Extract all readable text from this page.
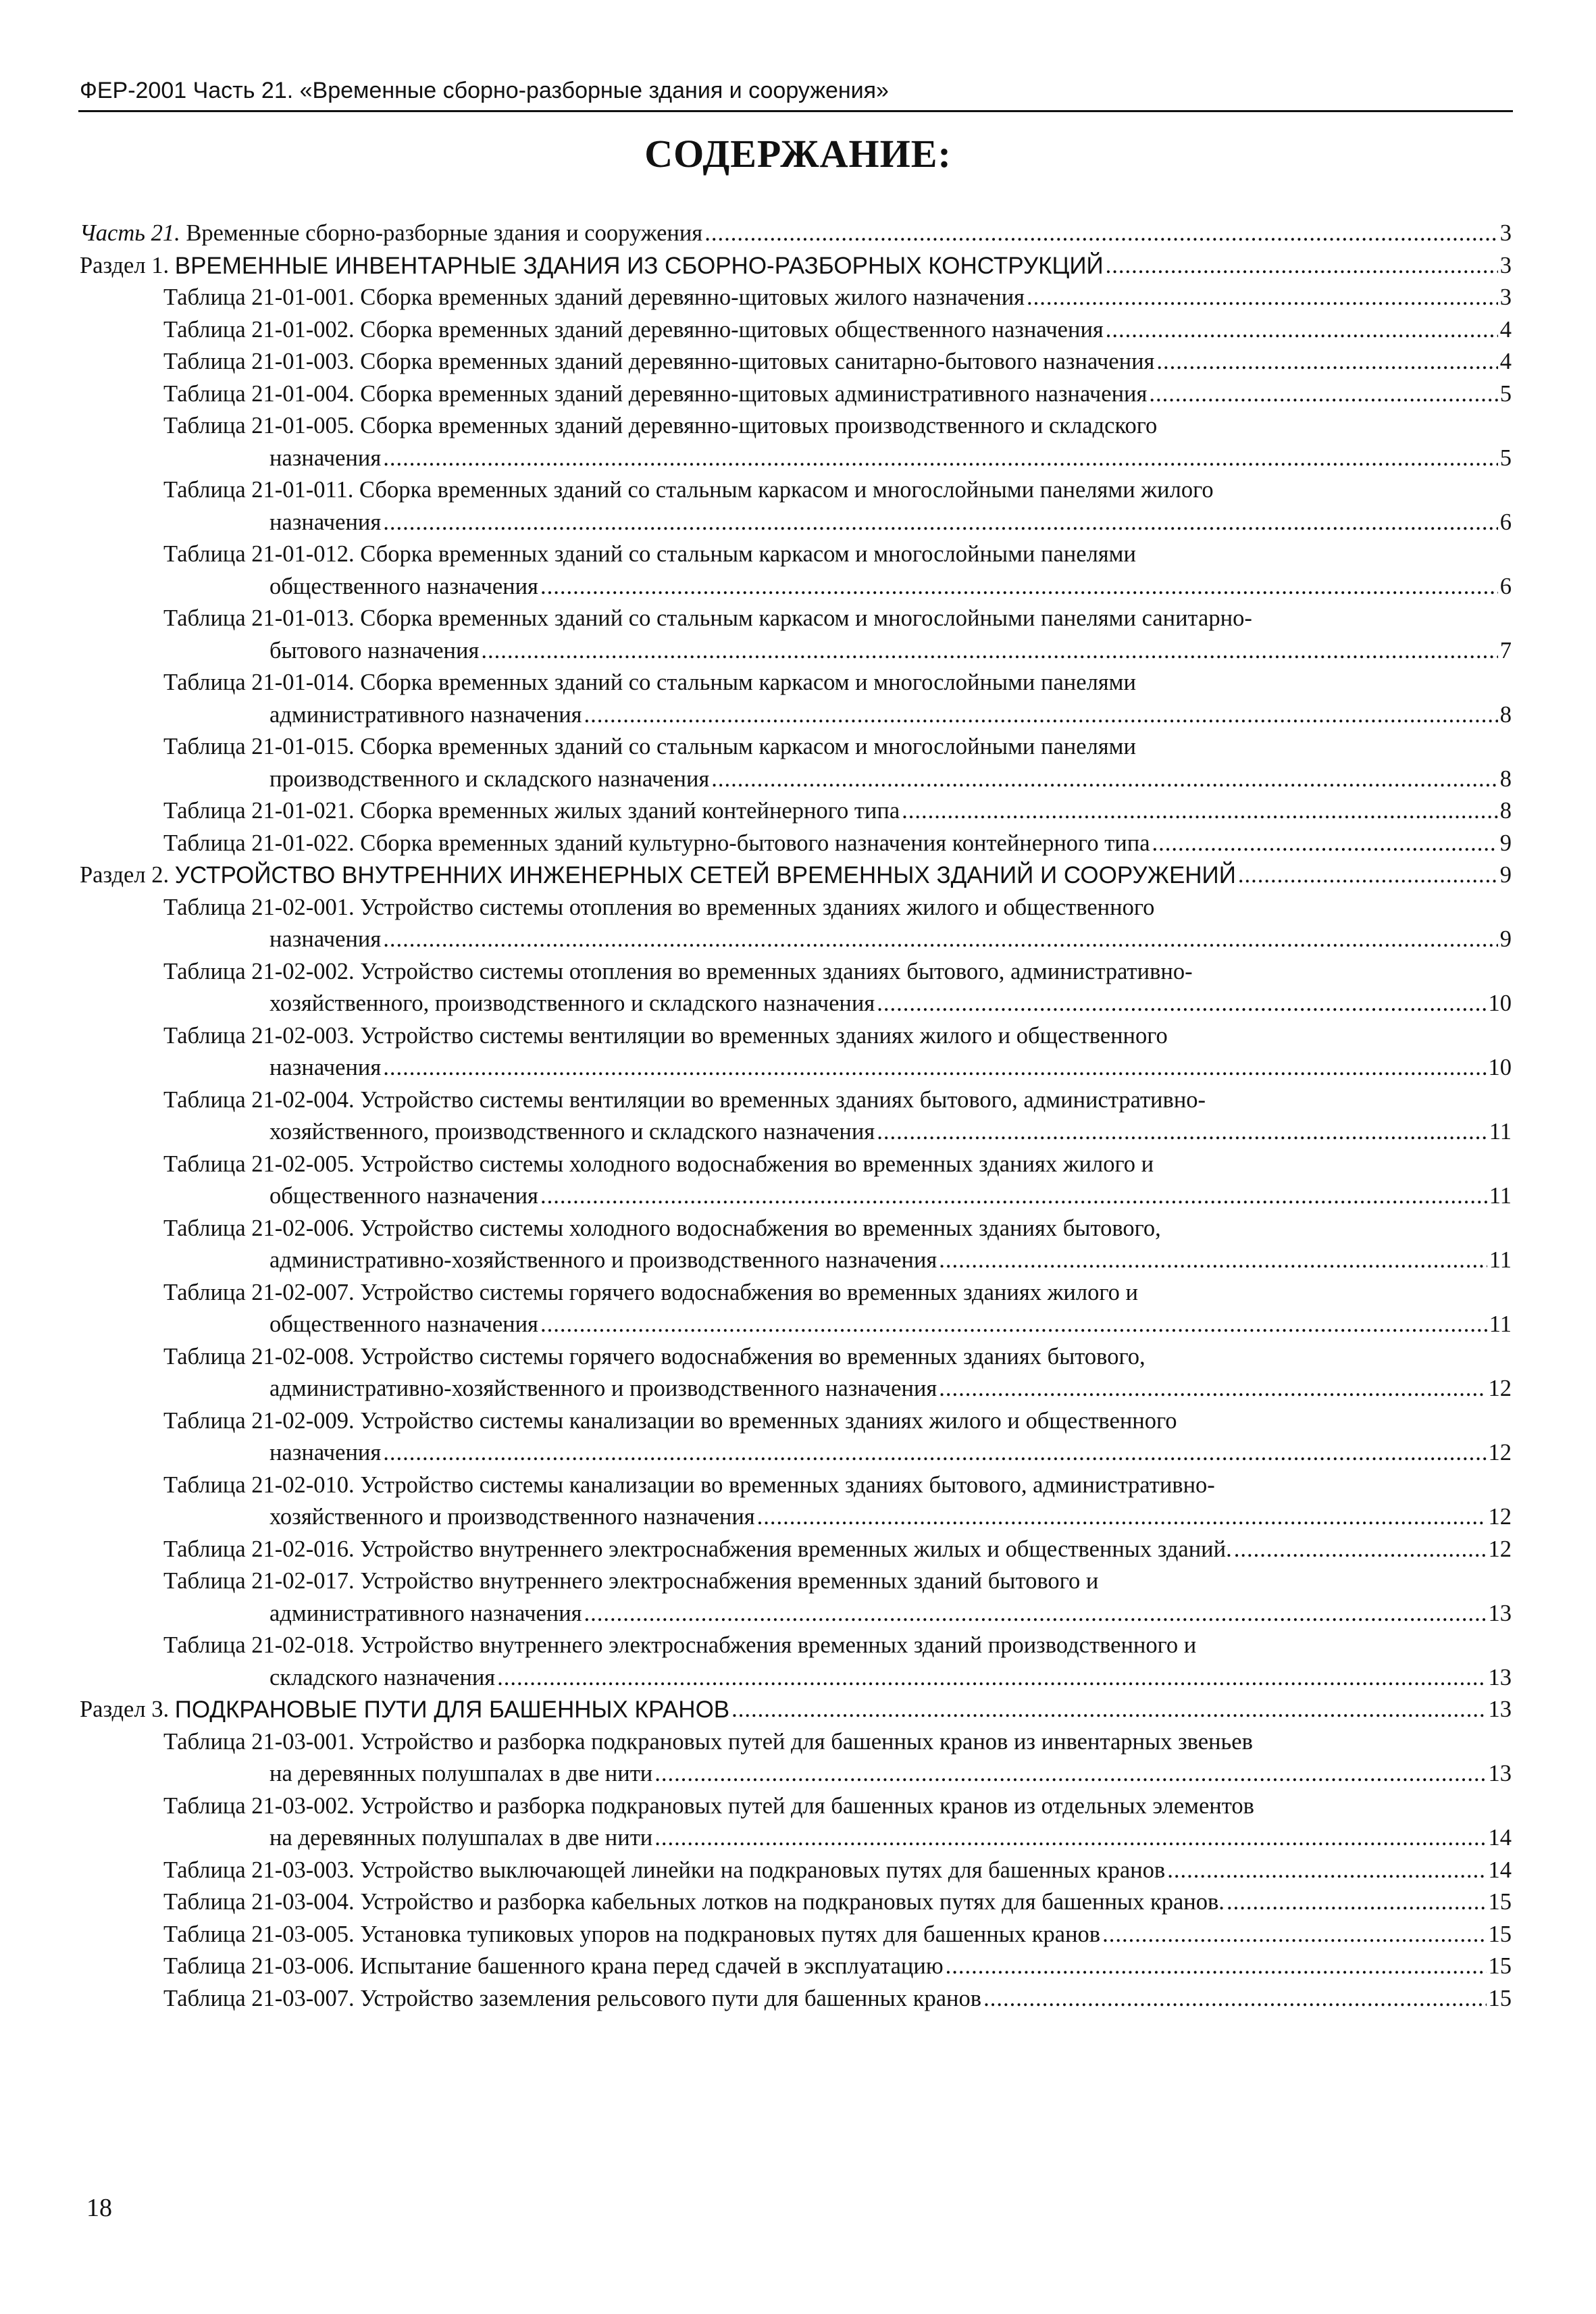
ФЕР-2001 Часть 21. «Временные сборно-разборные здания и сооружения»
СОДЕРЖАНИЕ:
Часть 21.
Временные сборно-разборные здания и сооружения .....	3
Раздел 1.
ВРЕМЕННЫЕ ИНВЕНТАРНЫЕ ЗДАНИЯ ИЗ СБОРНО-РАЗБОРНЫХ КОНСТРУКЦИЙ .....	3
Таблица 21-01-001. Сборка временных зданий деревянно-щитовых жилого назначения .....	3
Таблица 21-01-002. Сборка временных зданий деревянно-щитовых общественного назначения .....	4
Таблица 21-01-003. Сборка временных зданий деревянно-щитовых санитарно-бытового назначения .....	4
Таблица 21-01-004. Сборка временных зданий деревянно-щитовых административного назначения .....	5
Таблица 21-01-005. Сборка временных зданий деревянно-щитовых производственного и складского
назначения .....	5
Таблица 21-01-011. Сборка временных зданий со стальным каркасом и многослойными панелями жилого
назначения .....	6
Таблица 21-01-012. Сборка временных зданий со стальным каркасом и многослойными панелями
общественного назначения .....	6
Таблица 21-01-013. Сборка временных зданий со стальным каркасом и многослойными панелями санитарно-
бытового назначения .....	7
Таблица 21-01-014. Сборка временных зданий со стальным каркасом и многослойными панелями
административного назначения .....	8
Таблица 21-01-015. Сборка временных зданий со стальным каркасом и многослойными панелями
производственного и складского назначения .....	8
Таблица 21-01-021. Сборка временных жилых зданий контейнерного типа .....	8
Таблица 21-01-022. Сборка временных зданий культурно-бытового назначения контейнерного типа .....	9
Раздел 2.
УСТРОЙСТВО ВНУТРЕННИХ ИНЖЕНЕРНЫХ СЕТЕЙ ВРЕМЕННЫХ ЗДАНИЙ И СООРУЖЕНИЙ .....	9
Таблица 21-02-001. Устройство системы отопления во временных зданиях жилого и общественного
назначения .....	9
Таблица 21-02-002. Устройство системы отопления во временных зданиях бытового, административно-
хозяйственного, производственного и складского назначения .....	10
Таблица 21-02-003. Устройство системы вентиляции во временных зданиях жилого и общественного
назначения .....	10
Таблица 21-02-004. Устройство системы вентиляции во временных зданиях бытового, административно-
хозяйственного, производственного и складского назначения .....	11
Таблица 21-02-005. Устройство системы холодного водоснабжения во временных зданиях жилого и
общественного назначения .....	11
Таблица 21-02-006. Устройство системы холодного водоснабжения во временных зданиях бытового,
административно-хозяйственного и производственного назначения .....	11
Таблица 21-02-007. Устройство системы горячего водоснабжения во временных зданиях жилого и
общественного назначения .....	11
Таблица 21-02-008. Устройство системы горячего водоснабжения во временных зданиях бытового,
административно-хозяйственного и производственного назначения .....	12
Таблица 21-02-009. Устройство системы канализации во временных зданиях жилого и общественного
назначения .....	12
Таблица 21-02-010. Устройство системы канализации во временных зданиях бытового, административно-
хозяйственного и производственного назначения .....	12
Таблица 21-02-016. Устройство внутреннего электроснабжения временных жилых и общественных зданий. .....	12
Таблица 21-02-017. Устройство внутреннего электроснабжения временных зданий бытового и
административного назначения .....	13
Таблица 21-02-018. Устройство внутреннего электроснабжения временных зданий производственного и
складского назначения .....	13
Раздел 3.
ПОДКРАНОВЫЕ ПУТИ ДЛЯ БАШЕННЫХ КРАНОВ .....	13
Таблица 21-03-001. Устройство и разборка подкрановых путей для башенных кранов из инвентарных звеньев
на деревянных полушпалах в две нити .....	13
Таблица 21-03-002. Устройство и разборка подкрановых путей для башенных кранов из отдельных элементов
на деревянных полушпалах в две нити .....	14
Таблица 21-03-003. Устройство выключающей линейки на подкрановых путях для башенных кранов .....	14
Таблица 21-03-004. Устройство и разборка кабельных лотков на подкрановых путях для башенных кранов. .....	15
Таблица 21-03-005. Установка тупиковых упоров на подкрановых путях для башенных кранов .....	15
Таблица 21-03-006. Испытание башенного крана перед сдачей в эксплуатацию .....	15
Таблица 21-03-007. Устройство заземления рельсового пути для башенных кранов .....	15
18
